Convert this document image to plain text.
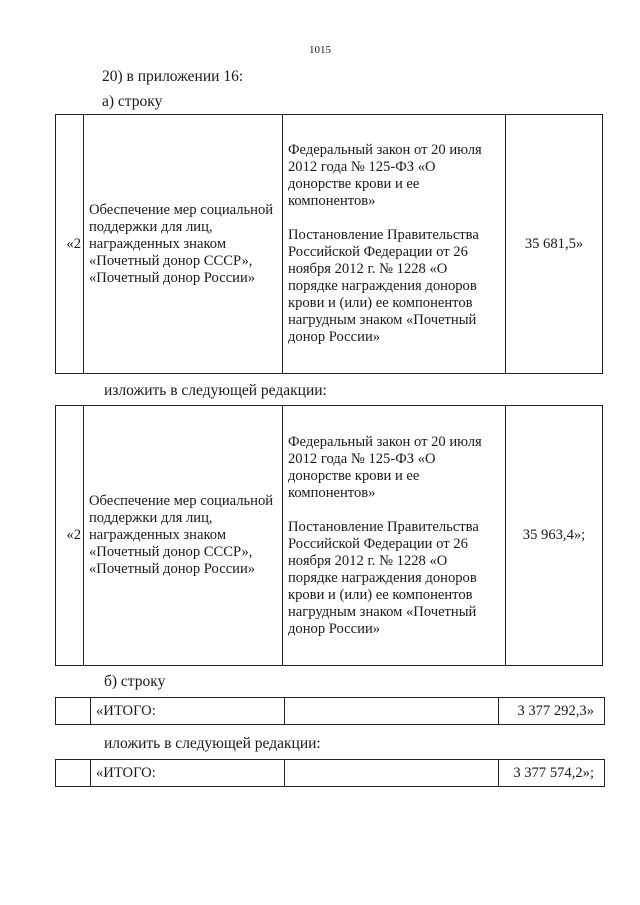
1015
20) в приложении 16:
а) строку
«2	Обеспечение мер социальной поддержки для лиц, награжденных знаком «Почетный донор СССР», «Почетный донор России»	
Федеральный закон от 20 июля 2012 года № 125-ФЗ «О донорстве крови и ее компонентов»
Постановление Правительства Российской Федерации от 26 ноября 2012 г. № 1228 «О порядке награждения доноров крови и (или) ее компонентов нагрудным знаком «Почетный донор России»
	35 681,5»
изложить в следующей редакции:
«2	Обеспечение мер социальной поддержки для лиц, награжденных знаком «Почетный донор СССР», «Почетный донор России»	
Федеральный закон от 20 июля 2012 года № 125-ФЗ «О донорстве крови и ее компонентов»
Постановление Правительства Российской Федерации от 26 ноября 2012 г. № 1228 «О порядке награждения доноров крови и (или) ее компонентов нагрудным знаком «Почетный донор России»
	35 963,4»;
б) строку
	«ИТОГО:		3 377 292,3»
иложить в следующей редакции:
	«ИТОГО:		3 377 574,2»;
